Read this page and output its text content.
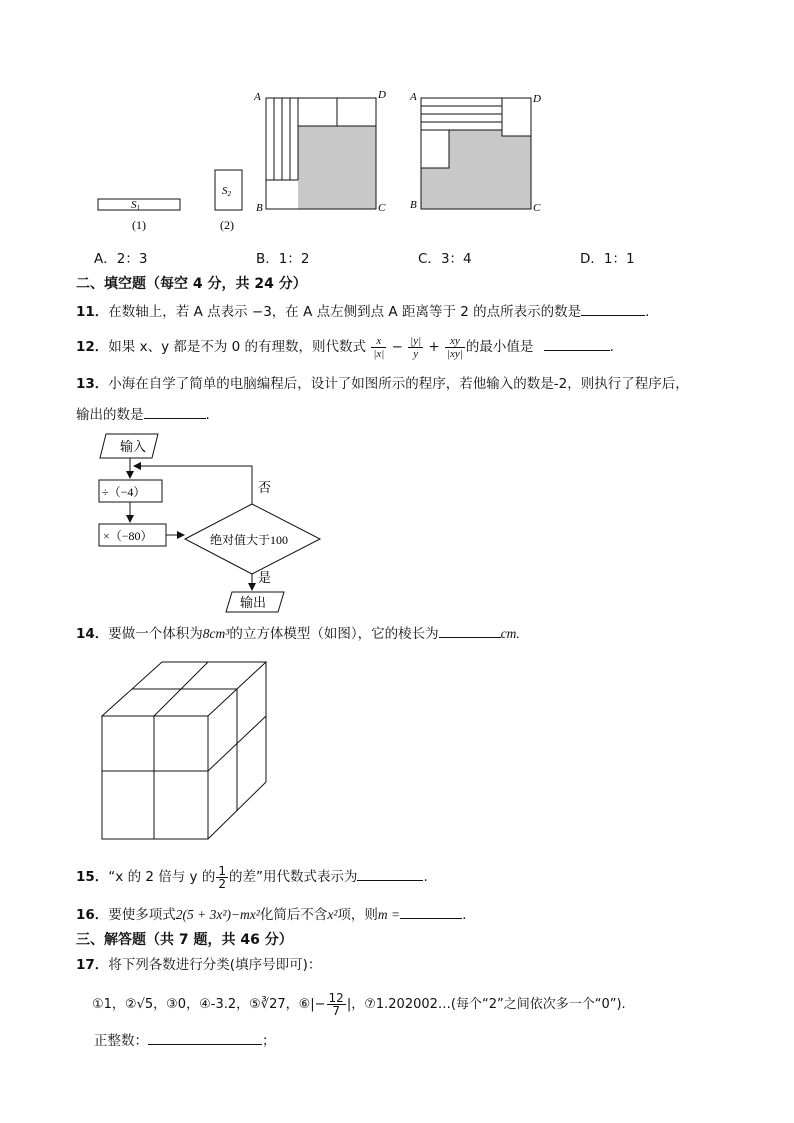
S1
(1)
S2
(2)
A	D
B	C
A	D
B	C
A．2：3	B．1：2	C．3：4	D．1：1
二、填空题（每空 4 分，共 24 分）
11．在数轴上，若 A 点表示 −3，在 A 点左侧到点 A 距离等于 2 的点所表示的数是	.
12．如果 x、y 都是不为 0 的有理数，则代数式 $\frac{x}{|x|} - \frac{|y|}{y} + \frac{xy}{|xy|}$ 的最小值是	.
13．小海在自学了简单的电脑编程后，设计了如图所示的程序，若他输入的数是-2，则执行了程序后，
输出的数是	.
输入
÷（−4）
×（−80）	绝对值大于100
否
是
输出
14．要做一个体积为8cm³的立方体模型（如图），它的棱长为	cm.
15．“x 的 2 倍与 y 的 $\frac{1}{2}$ 的差”用代数式表示为	.
16．要使多项式2(5 + 3x²)−mx²化简后不含x²项，则m =	.
三、解答题（共 7 题，共 46 分）
17．将下列各数进行分类(填序号即可)：
①1，②√5，③0，④-3.2，⑤∛27，⑥|− $\frac{12}{7}$ |，⑦1.202002…(每个“2”之间依次多一个“0”).
正整数：	；
